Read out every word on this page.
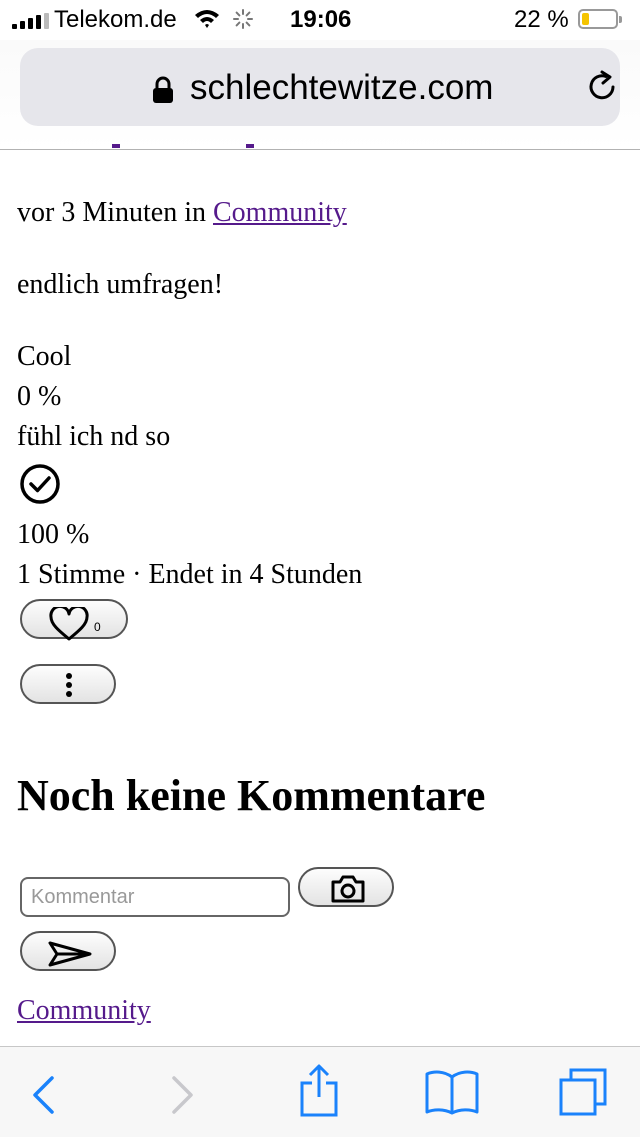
Telekom.de	19:06	22 %
schlechtewitze.com
vor 3 Minuten in Community
endlich umfragen!
Cool
0 %
fühl ich nd so
100 %
1 Stimme · Endet in 4 Stunden
0
Noch keine Kommentare
Kommentar
Community
